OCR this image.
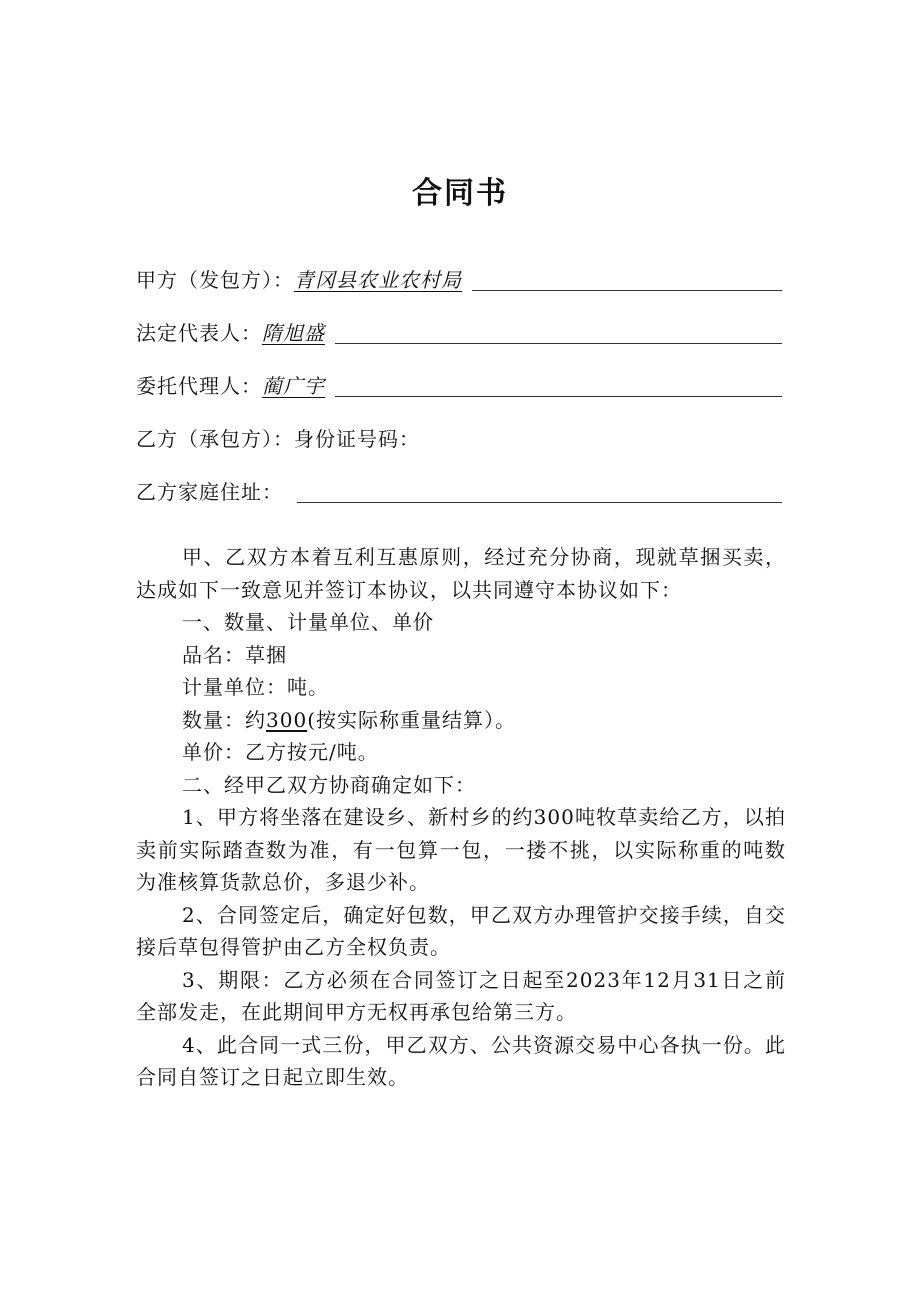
合同书
甲方（发包方）： 青冈县农业农村局
法定代表人： 隋旭盛
委托代理人： 蔺广宇
乙方（承包方）：身份证号码：
乙方家庭住址：

甲、乙双方本着互利互惠原则，经过充分协商，现就草捆买卖，达成如下一致意见并签订本协议，以共同遵守本协议如下：

一、数量、计量单位、单价

品名：草捆

计量单位：吨。

数量：约300(按实际称重量结算）。

单价：乙方按元/吨。

二、经甲乙双方协商确定如下：

1、甲方将坐落在建设乡、新村乡的约300吨牧草卖给乙方，以拍卖前实际踏查数为准，有一包算一包，一搂不挑，以实际称重的吨数为准核算货款总价，多退少补。

2、合同签定后，确定好包数，甲乙双方办理管护交接手续，自交接后草包得管护由乙方全权负责。

3、期限：乙方必须在合同签订之日起至2023年12月31日之前全部发走，在此期间甲方无权再承包给第三方。

4、此合同一式三份，甲乙双方、公共资源交易中心各执一份。此合同自签订之日起立即生效。
